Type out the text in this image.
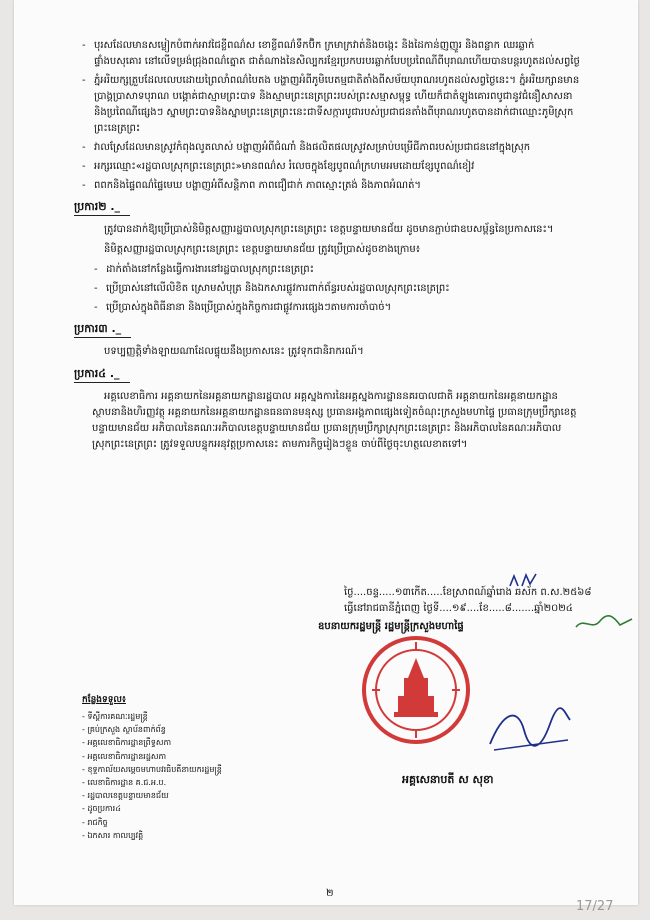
- បុរសដែលមានសម្លៀកបំពាក់អាវជៃខ្លីពណ៌ស ខោខ្លីពណ៌ទឹកប៊ិក ក្រមាក្រវាត់និងចង្កេះ និងដៃកាន់ញញួរ និងពន្លាក ឈរឆ្លាក់ផ្ទាំងបសុគោរ នៅលើទម្រង់ជ្រុងពណ៌ត្នោត ជាតំណាងនៃសិល្បករខ្មែរប្រកបរបរឆ្លាក់បែបប្រពៃណីពីបុរាណហើយបានបន្តរហូតដល់សព្វថ្ងៃ
- ភ្នំអរិយក្សត្រួបដែលលេបដោយព្រៃលាំពណ៌បៃតង បង្ហាញអំពីភូមិបេតម្មជាតិតាំងពីសម័យបុរាណរហូតដល់សព្វថ្ងៃនេះ។ ភ្នំអរិយក្សានមានប្រាង្គប្រាសាទបុរាណ បង្គោគ់ជាស្មាមព្រះបាទ និងស្មាមព្រះនេត្រព្រះរបស់ព្រះសម្មាសម្ពុទ្ធ ហើយក៏ជាតំឡូងគោរពបូជានូវជំនឿសាសនា និងប្រពៃណីផ្សេងៗ ស្នាមព្រះបាទនិងស្នាមព្រះនេត្រព្រះនេះជាទីសក្ការបូជារបស់ប្រជាជនតាំងពីបុរាណរហូតបានដាក់ជាឈ្មោះភូមិស្រុកព្រះនេត្រព្រះ
- វាលស្រែដែលមានស្រូវកំពុងលូតលាស់ បង្ហាញអំពីជំណាំ និងផលិតផលស្រូវសម្រាប់បម្រើជីភាពរបស់ប្រជាជននៅក្នុងស្រុក
- អក្សរឈ្មោះ«រដ្ឋបាលស្រុកព្រះនេត្រព្រះ»មានពណ៌ស រំលេចក្នុងខ្សែបូពណ៌ក្រហមអមដោយខ្សែបូពណ៌ខៀវ
- ពពកនិងផ្ទៃពណ៌ផ្ទៃមេឃ បង្ហាញអំពីសន្តិភាព ភាពជឿជាក់ ភាពស្មោះត្រង់ និងភាពអំណត់។
ប្រការ២ ._
ត្រូវបានដាក់ឱ្យប្រើប្រាស់និមិត្តសញ្ញារដ្ឋបាលស្រុកព្រះនេត្រព្រះ ខេត្តបន្ទាយមានជ័យ ដូចមានភ្ជាប់ជាឧបសម្ព័ន្ធនៃប្រកាសនេះ។
និមិត្តសញ្ញារដ្ឋបាលស្រុកព្រះនេត្រព្រះ ខេត្តបន្ទាយមានជ័យ ត្រូវប្រើប្រាស់ដូចខាងក្រោម៖
- ដាក់តាំងនៅកន្លែងធ្វើការងារនៅរដ្ឋបាលស្រុកព្រះនេត្រព្រះ
- ប្រើប្រាស់នៅលើលិខិត ស្រោមសំបុត្រ និងឯកសារផ្លូវការពាក់ព័ន្ធរបស់រដ្ឋបាលស្រុកព្រះនេត្រព្រះ
- ប្រើប្រាស់ក្នុងពិធីនានា និងប្រើប្រាស់ក្នុងកិច្ចការជាផ្លូវការផ្សេងៗតាមការចាំបាច់។
ប្រការ៣ ._
បទប្បញ្ញត្តិទាំងឡាយណាដែលផ្ទុយនឹងប្រកាសនេះ ត្រូវទុកជានិរាករណ៍។
ប្រការ៤ ._
អគ្គលេខាធិការ អគ្គនាយកនៃអគ្គនាយកដ្ឋានរដ្ឋបាល អគ្គស្នងការនៃអគ្គស្នងការដ្ឋាននគរបាលជាតិ អគ្គនាយកនៃអគ្គនាយកដ្ឋានស្ថាបនានិងហិរញ្ញវត្ថុ អគ្គនាយកនៃអគ្គនាយកដ្ឋានធនធានមនុស្ស ប្រធានអង្គភាពផ្សេងទៀតចំណុះក្រសួងមហាផ្ទៃ ប្រធានក្រុមប្រឹក្សាខេត្តបន្ទាយមានជ័យ អភិបាលនៃគណៈអភិបាលខេត្តបន្ទាយមានជ័យ ប្រធានក្រុមប្រឹក្សាស្រុកព្រះនេត្រព្រះ និងអភិបាលនៃគណៈអភិបាលស្រុកព្រះនេត្រព្រះ ត្រូវទទួលបន្ទុកអនុវត្តប្រកាសនេះ តាមភារកិច្ចរៀងៗខ្លួន ចាប់ពីថ្ងៃចុះហត្ថលេខាតទៅ។
ថ្ងៃ....ចន្ទ.....១៣កើត.....ខែស្រាពណ៍ឆ្នាំរោង ឆស័ក ព.ស.២៥៦៨
ធ្វើនៅរាជធានីភ្នំពេញ ថ្ងៃទី....១៩....ខែ.....៨.......ឆ្នាំ២០២៤
ឧបនាយករដ្ឋមន្ត្រី រដ្ឋមន្ត្រីក្រសួងមហាផ្ទៃ
អគ្គសេនាបតី ស សុខា
កន្លែងទទួល៖
- ទីស្ដីការគណៈរដ្ឋមន្ត្រី
- គ្រប់ក្រសួង ស្ថាប័នពាក់ព័ន្ធ
- អគ្គលេខាធិការដ្ឋានព្រឹទ្ធសភា
- អគ្គលេខាធិការដ្ឋានរដ្ឋសភា
- ខុទ្ទកាល័យសម្ដេចមហាបវរធិបតីនាយករដ្ឋមន្ត្រី
- លេខាធិការដ្ឋាន គ.ជ.អ.ប.
- រដ្ឋបាលខេត្តបន្ទាយមានជ័យ
- ដូចប្រការ៤
- រាជកិច្ច
- ឯកសារ កាលប្បវត្តិ
២
17/27
